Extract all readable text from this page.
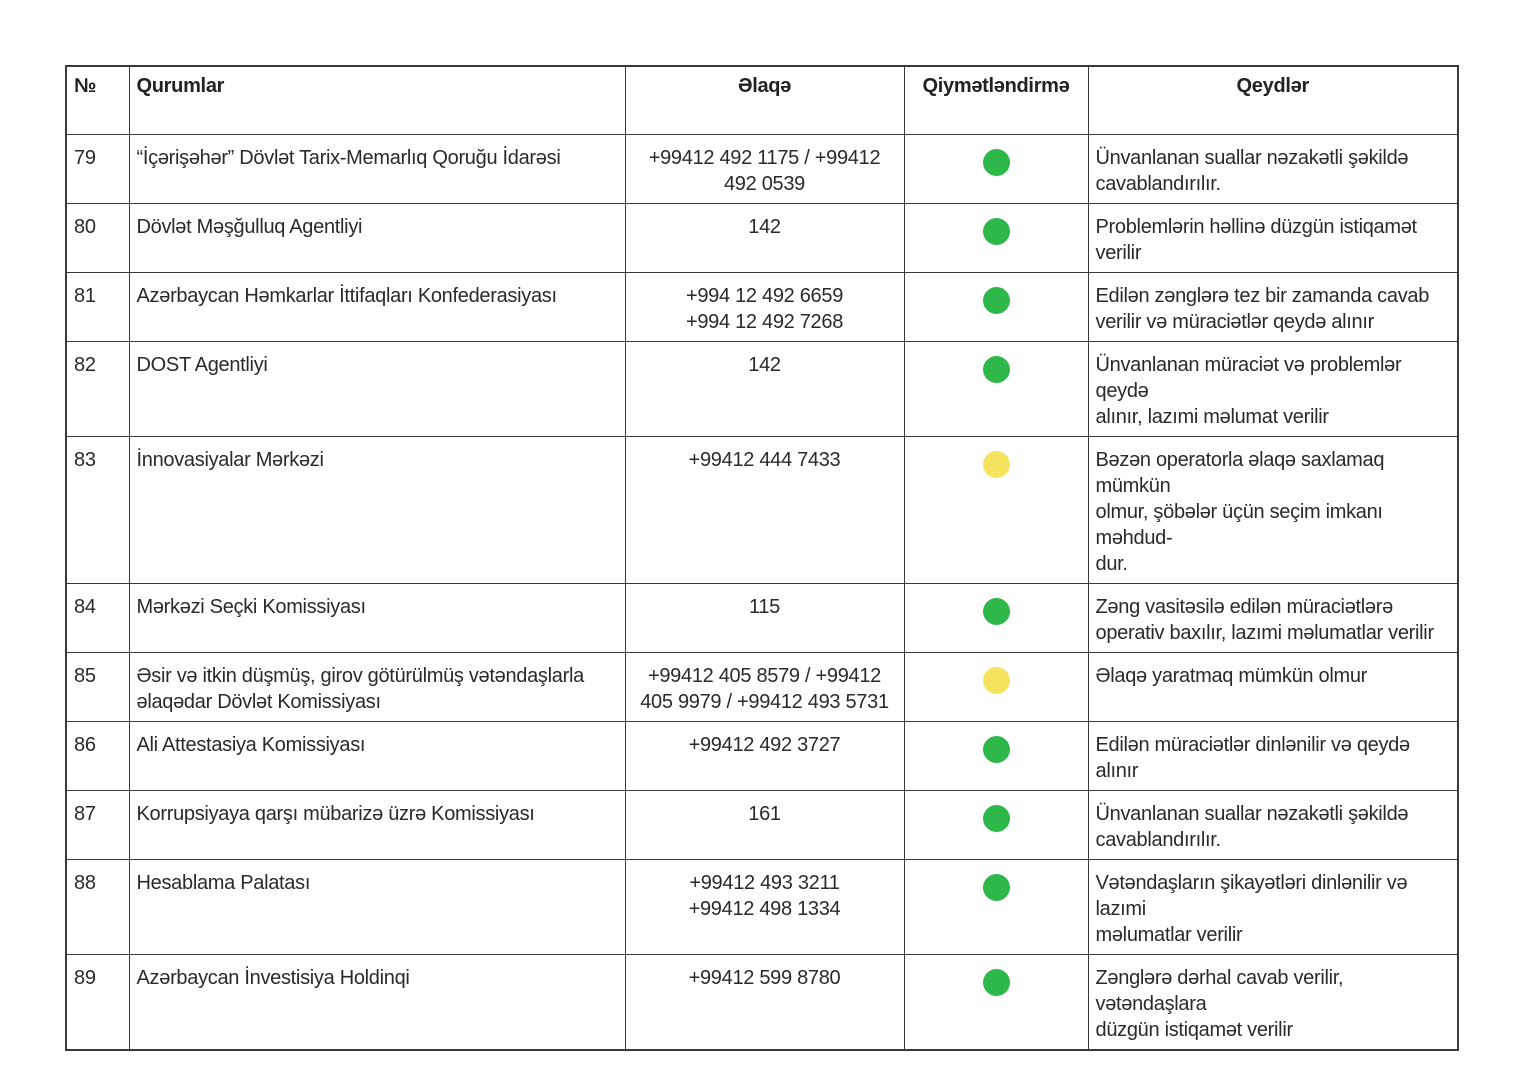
№	Qurumlar	Əlaqə	Qiymətləndirmə	Qeydlər
79	“İçərişəhər” Dövlət Tarix-Memarlıq Qoruğu İdarəsi	+99412 492 1175 / +99412
492 0539		Ünvanlanan suallar nəzakətli şəkildə
cavablandırılır.
80	Dövlət Məşğulluq Agentliyi	142		Problemlərin həllinə düzgün istiqamət
verilir
81	Azərbaycan Həmkarlar İttifaqları Konfederasiyası	+994 12 492 6659
+994 12 492 7268		Edilən zənglərə tez bir zamanda cavab
verilir və müraciətlər qeydə alınır
82	DOST Agentliyi	142		Ünvanlanan müraciət və problemlər qeydə
alınır, lazımi məlumat verilir
83	İnnovasiyalar Mərkəzi	+99412 444 7433		Bəzən operatorla əlaqə saxlamaq mümkün
olmur, şöbələr üçün seçim imkanı məhdud-
dur.
84	Mərkəzi Seçki Komissiyası	115		Zəng vasitəsilə edilən müraciətlərə
operativ baxılır, lazımi məlumatlar verilir
85	Əsir və itkin düşmüş, girov götürülmüş vətəndaşlarla
əlaqədar Dövlət Komissiyası	+99412 405 8579 / +99412
405 9979 / +99412 493 5731		Əlaqə yaratmaq mümkün olmur
86	Ali Attestasiya Komissiyası	+99412 492 3727		Edilən müraciətlər dinlənilir və qeydə alınır
87	Korrupsiyaya qarşı mübarizə üzrə Komissiyası	161		Ünvanlanan suallar nəzakətli şəkildə
cavablandırılır.
88	Hesablama Palatası	+99412 493 3211
+99412 498 1334		Vətəndaşların şikayətləri dinlənilir və lazımi
məlumatlar verilir
89	Azərbaycan İnvestisiya Holdinqi	+99412 599 8780		Zənglərə dərhal cavab verilir, vətəndaşlara
düzgün istiqamət verilir
